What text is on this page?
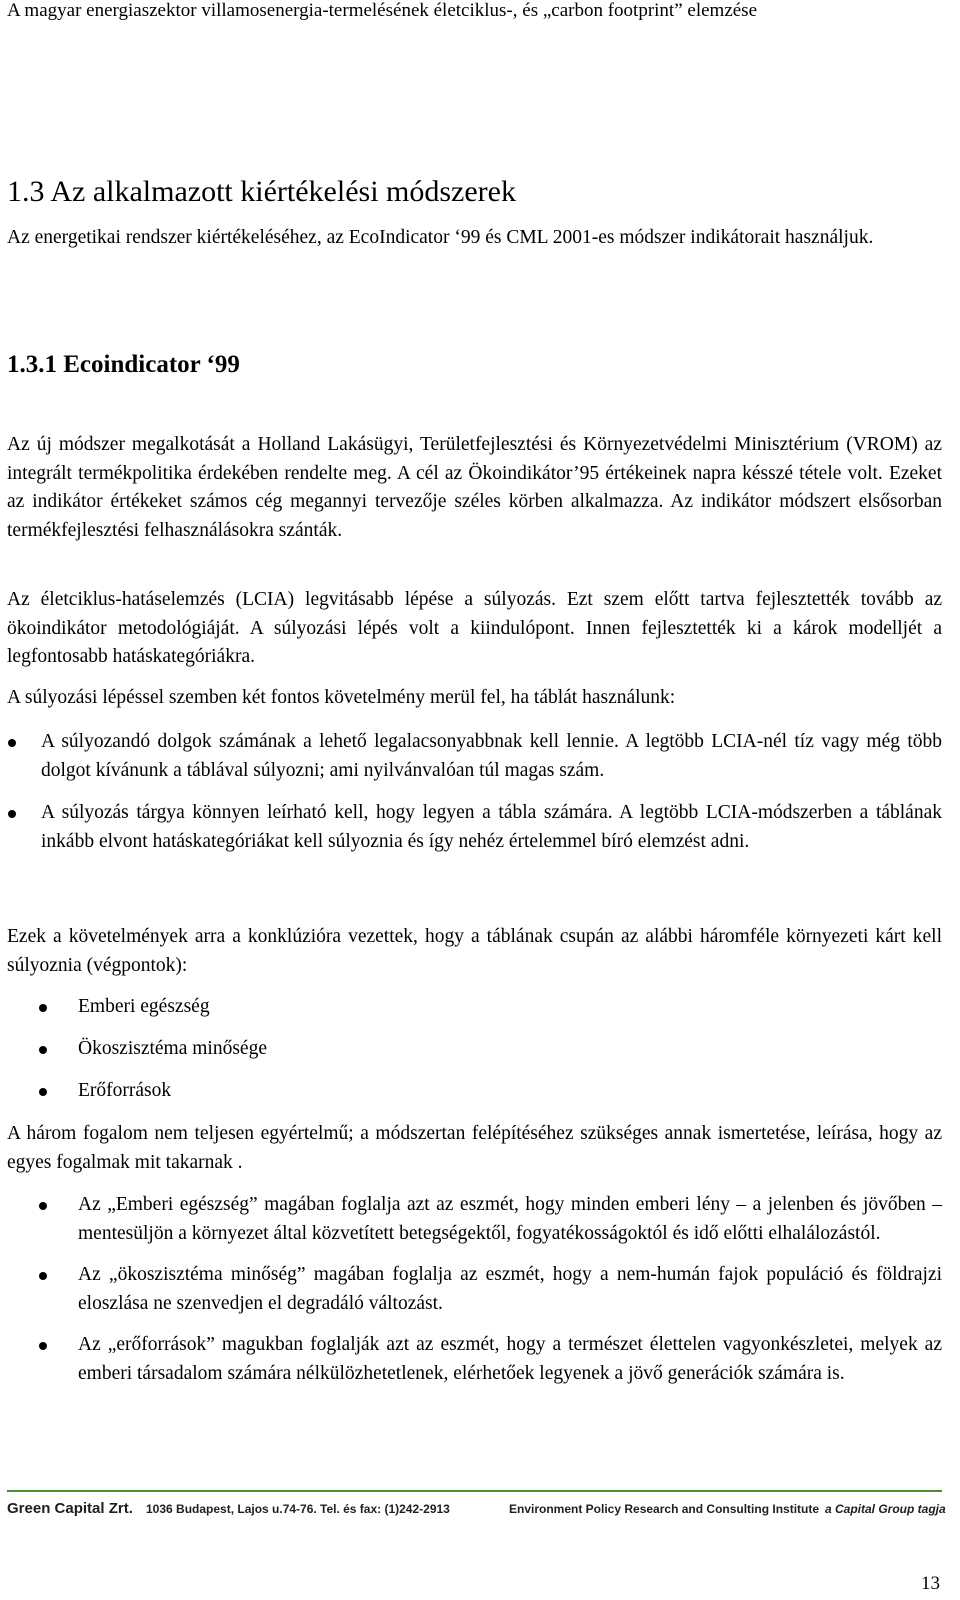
A magyar energiaszektor villamosenergia-termelésének életciklus-, és „carbon footprint” elemzése
1.3 Az alkalmazott kiértékelési módszerek

Az energetikai rendszer kiértékeléséhez, az EcoIndicator ‘99 és CML 2001-es módszer indikátorait használjuk.

1.3.1 Ecoindicator ‘99

Az új módszer megalkotását a Holland Lakásügyi, Területfejlesztési és Környezetvédelmi Minisztérium (VROM) az integrált termékpolitika érdekében rendelte meg. A cél az Ökoindikátor’95 értékeinek napra késszé tétele volt. Ezeket az indikátor értékeket számos cég megannyi tervezője széles körben alkalmazza. Az indikátor módszert elsősorban termékfejlesztési felhasználásokra szánták.

Az életciklus-hatáselemzés (LCIA) legvitásabb lépése a súlyozás. Ezt szem előtt tartva fejlesztették tovább az ökoindikátor metodológiáját. A súlyozási lépés volt a kiindulópont. Innen fejlesztették ki a károk modelljét a legfontosabb hatáskategóriákra.

A súlyozási lépéssel szemben két fontos követelmény merül fel, ha táblát használunk:

A súlyozandó dolgok számának a lehető legalacsonyabbnak kell lennie. A legtöbb LCIA-nél tíz vagy még több dolgot kívánunk a táblával súlyozni; ami nyilvánvalóan túl magas szám.
A súlyozás tárgya könnyen leírható kell, hogy legyen a tábla számára. A legtöbb LCIA-módszerben a táblának inkább elvont hatáskategóriákat kell súlyoznia és így nehéz értelemmel bíró elemzést adni.

Ezek a követelmények arra a konklúzióra vezettek, hogy a táblának csupán az alábbi háromféle környezeti kárt kell súlyoznia (végpontok):

Emberi egészség
Ökoszisztéma minősége
Erőforrások

A három fogalom nem teljesen egyértelmű; a módszertan felépítéséhez szükséges annak ismertetése, leírása, hogy az egyes fogalmak mit takarnak .

Az „Emberi egészség” magában foglalja azt az eszmét, hogy minden emberi lény – a jelenben és jövőben – mentesüljön a környezet által közvetített betegségektől, fogyatékosságoktól és idő előtti elhalálozástól.
Az „ökoszisztéma minőség” magában foglalja az eszmét, hogy a nem-humán fajok populáció és földrajzi eloszlása ne szenvedjen el degradáló változást.
Az „erőforrások” magukban foglalják azt az eszmét, hogy a természet élettelen vagyonkészletei, melyek az emberi társadalom számára nélkülözhetetlenek, elérhetőek legyenek a jövő generációk számára is.
Green Capital Zrt. 1036 Budapest, Lajos u.74-76. Tel. és fax: (1)242-2913	Environment Policy Research and Consulting Institute a Capital Group tagja
13
